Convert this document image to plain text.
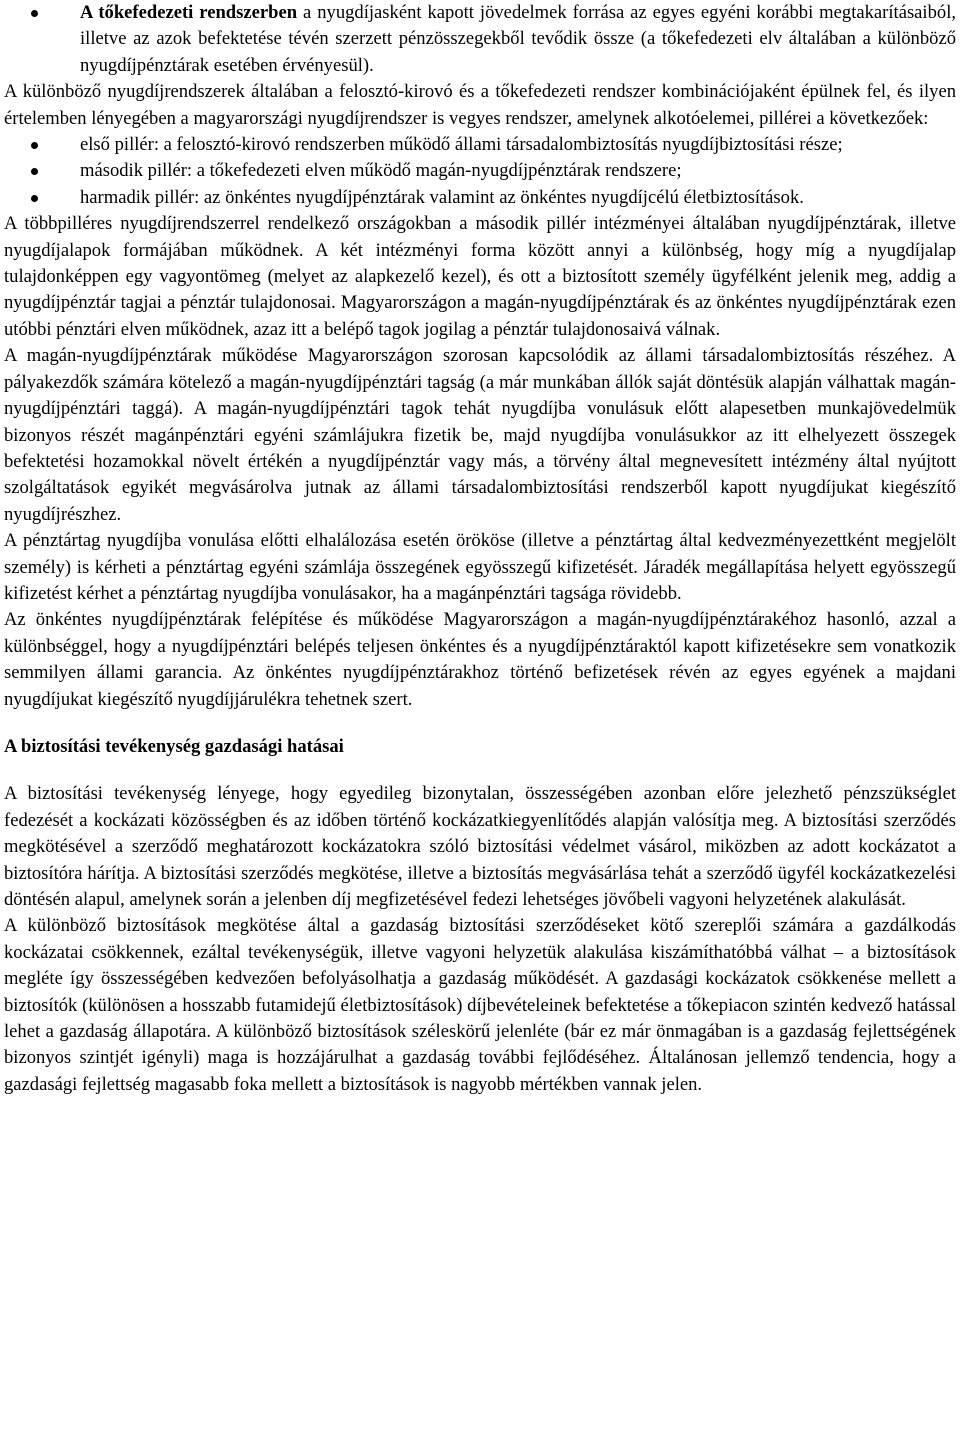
A tőkefedezeti rendszerben a nyugdíjasként kapott jövedelmek forrása az egyes egyéni korábbi megtakarításaiból, illetve az azok befektetése tévén szerzett pénzösszegekből tevődik össze (a tőkefedezeti elv általában a különböző nyugdíjpénztárak esetében érvényesül).

A különböző nyugdíjrendszerek általában a felosztó-kirovó és a tőkefedezeti rendszer kombinációjaként épülnek fel, és ilyen értelemben lényegében a magyarországi nyugdíjrendszer is vegyes rendszer, amelynek alkotóelemei, pillérei a következőek:

első pillér: a felosztó-kirovó rendszerben működő állami társadalombiztosítás nyugdíjbiztosítási része;
második pillér: a tőkefedezeti elven működő magán-nyugdíjpénztárak rendszere;
harmadik pillér: az önkéntes nyugdíjpénztárak valamint az önkéntes nyugdíjcélú életbiztosítások.

A többpilléres nyugdíjrendszerrel rendelkező országokban a második pillér intézményei általában nyugdíjpénztárak, illetve nyugdíjalapok formájában működnek. A két intézményi forma között annyi a különbség, hogy míg a nyugdíjalap tulajdonképpen egy vagyontömeg (melyet az alapkezelő kezel), és ott a biztosított személy ügyfélként jelenik meg, addig a nyugdíjpénztár tagjai a pénztár tulajdonosai. Magyarországon a magán-nyugdíjpénztárak és az önkéntes nyugdíjpénztárak ezen utóbbi pénztári elven működnek, azaz itt a belépő tagok jogilag a pénztár tulajdonosaivá válnak.

A magán-nyugdíjpénztárak működése Magyarországon szorosan kapcsolódik az állami társadalombiztosítás részéhez. A pályakezdők számára kötelező a magán-nyugdíjpénztári tagság (a már munkában állók saját döntésük alapján válhattak magán-nyugdíjpénztári taggá). A magán-nyugdíjpénztári tagok tehát nyugdíjba vonulásuk előtt alapesetben munkajövedelmük bizonyos részét magánpénztári egyéni számlájukra fizetik be, majd nyugdíjba vonulásukkor az itt elhelyezett összegek befektetési hozamokkal növelt értékén a nyugdíjpénztár vagy más, a törvény által megnevesített intézmény által nyújtott szolgáltatások egyikét megvásárolva jutnak az állami társadalombiztosítási rendszerből kapott nyugdíjukat kiegészítő nyugdíjrészhez.

A pénztártag nyugdíjba vonulása előtti elhalálozása esetén örököse (illetve a pénztártag által kedvezményezettként megjelölt személy) is kérheti a pénztártag egyéni számlája összegének egyösszegű kifizetését. Járadék megállapítása helyett egyösszegű kifizetést kérhet a pénztártag nyugdíjba vonulásakor, ha a magánpénztári tagsága rövidebb.

Az önkéntes nyugdíjpénztárak felépítése és működése Magyarországon a magán-nyugdíjpénztárakéhoz hasonló, azzal a különbséggel, hogy a nyugdíjpénztári belépés teljesen önkéntes és a nyugdíjpénztáraktól kapott kifizetésekre sem vonatkozik semmilyen állami garancia. Az önkéntes nyugdíjpénztárakhoz történő befizetések révén az egyes egyének a majdani nyugdíjukat kiegészítő nyugdíjjárulékra tehetnek szert.

A biztosítási tevékenység gazdasági hatásai

A biztosítási tevékenység lényege, hogy egyedileg bizonytalan, összességében azonban előre jelezhető pénzszükséglet fedezését a kockázati közösségben és az időben történő kockázatkiegyenlítődés alapján valósítja meg. A biztosítási szerződés megkötésével a szerződő meghatározott kockázatokra szóló biztosítási védelmet vásárol, miközben az adott kockázatot a biztosítóra hárítja. A biztosítási szerződés megkötése, illetve a biztosítás megvásárlása tehát a szerződő ügyfél kockázatkezelési döntésén alapul, amelynek során a jelenben díj megfizetésével fedezi lehetséges jövőbeli vagyoni helyzetének alakulását.

A különböző biztosítások megkötése által a gazdaság biztosítási szerződéseket kötő szereplői számára a gazdálkodás kockázatai csökkennek, ezáltal tevékenységük, illetve vagyoni helyzetük alakulása kiszámíthatóbbá válhat – a biztosítások megléte így összességében kedvezően befolyásolhatja a gazdaság működését. A gazdasági kockázatok csökkenése mellett a biztosítók (különösen a hosszabb futamidejű életbiztosítások) díjbevételeinek befektetése a tőkepiacon szintén kedvező hatással lehet a gazdaság állapotára. A különböző biztosítások széleskörű jelenléte (bár ez már önmagában is a gazdaság fejlettségének bizonyos szintjét igényli) maga is hozzájárulhat a gazdaság további fejlődéséhez. Általánosan jellemző tendencia, hogy a gazdasági fejlettség magasabb foka mellett a biztosítások is nagyobb mértékben vannak jelen.
